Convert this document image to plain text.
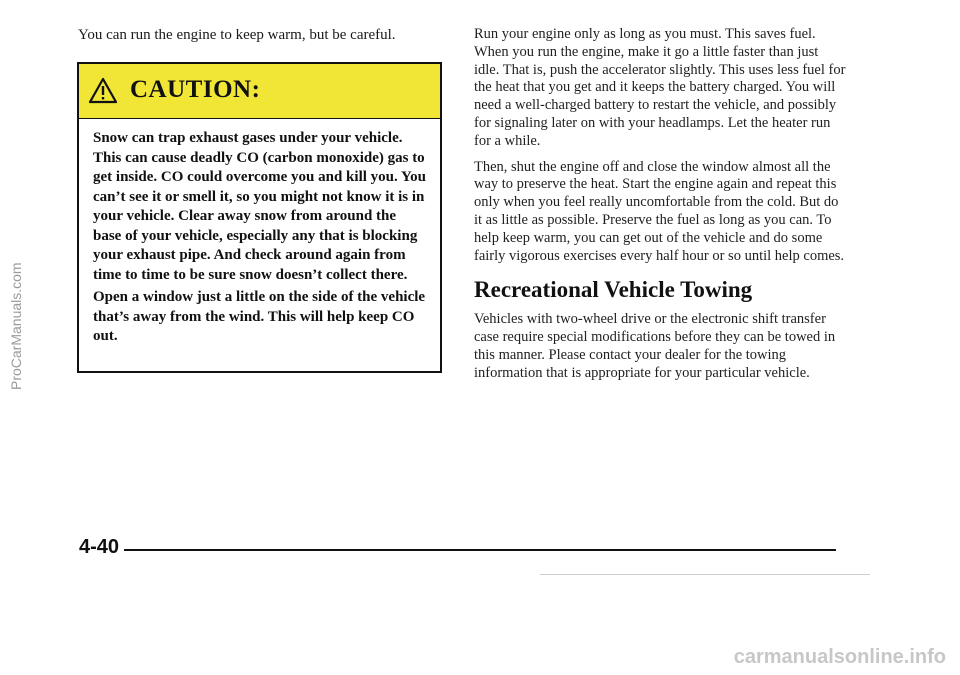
You can run the engine to keep warm, but be careful.

CAUTION:

Snow can trap exhaust gases under your vehicle. This can cause deadly CO (carbon monoxide) gas to get inside. CO could overcome you and kill you. You can’t see it or smell it, so you might not know it is in your vehicle. Clear away snow from around the base of your vehicle, especially any that is blocking your exhaust pipe. And check around again from time to time to be sure snow doesn’t collect there.

Open a window just a little on the side of the vehicle that’s away from the wind. This will help keep CO out.

Run your engine only as long as you must. This saves fuel. When you run the engine, make it go a little faster than just idle. That is, push the accelerator slightly. This uses less fuel for the heat that you get and it keeps the battery charged. You will need a well-charged battery to restart the vehicle, and possibly for signaling later on with your headlamps. Let the heater run for a while.

Then, shut the engine off and close the window almost all the way to preserve the heat. Start the engine again and repeat this only when you feel really uncomfortable from the cold. But do it as little as possible. Preserve the fuel as long as you can. To help keep warm, you can get out of the vehicle and do some fairly vigorous exercises every half hour or so until help comes.

Recreational Vehicle Towing

Vehicles with two-wheel drive or the electronic shift transfer case require special modifications before they can be towed in this manner. Please contact your dealer for the towing information that is appropriate for your particular vehicle.

4-40
ProCarManuals.com
carmanualsonline.info
